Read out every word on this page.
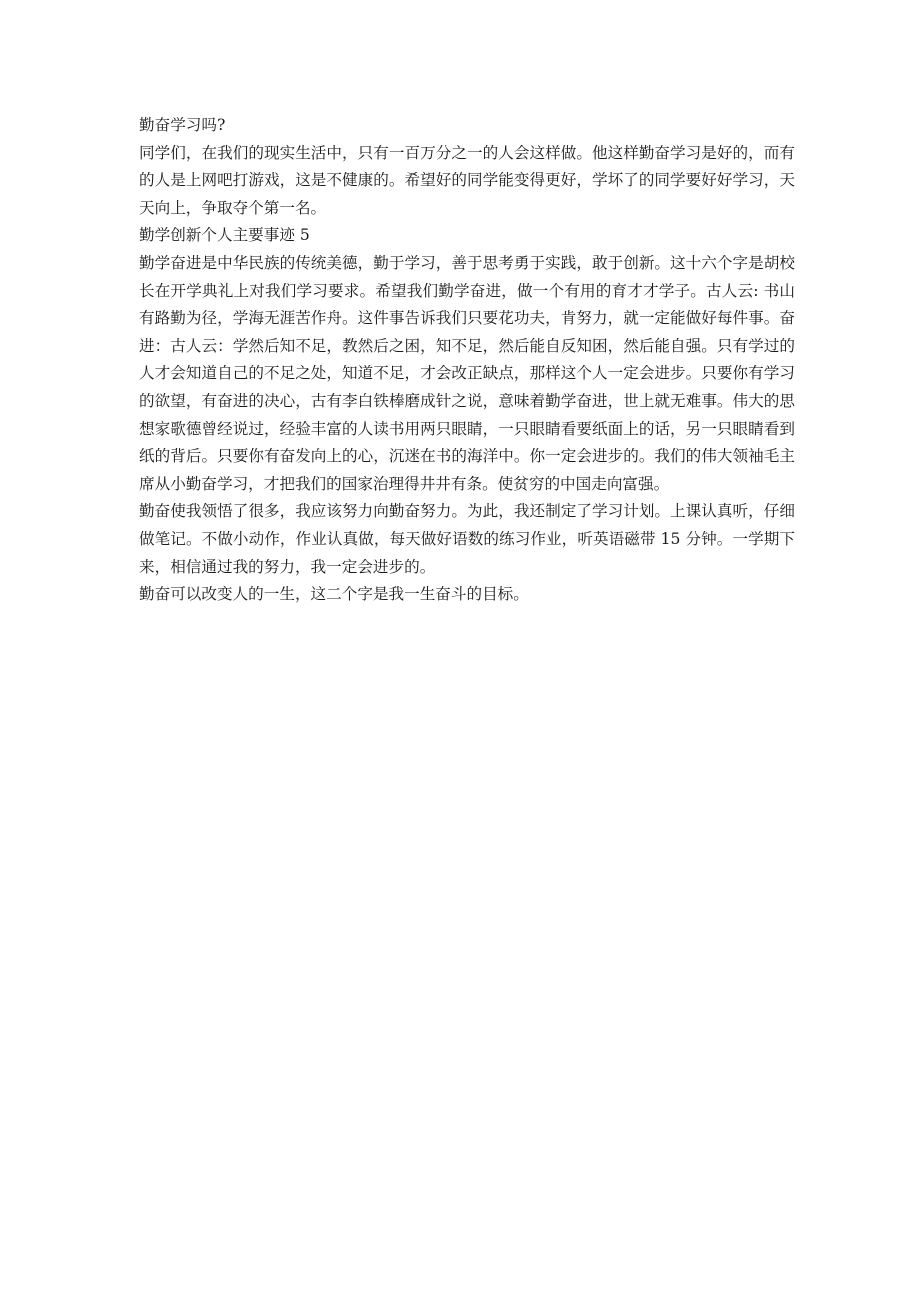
勤奋学习吗?

同学们，在我们的现实生活中，只有一百万分之一的人会这样做。他这样勤奋学习是好的，而有的人是上网吧打游戏，这是不健康的。希望好的同学能变得更好，学坏了的同学要好好学习，天天向上，争取夺个第一名。

勤学创新个人主要事迹 5

勤学奋进是中华民族的传统美德，勤于学习，善于思考勇于实践，敢于创新。这十六个字是胡校长在开学典礼上对我们学习要求。希望我们勤学奋进，做一个有用的育才才学子。古人云: 书山有路勤为径，学海无涯苦作舟。这件事告诉我们只要花功夫，肯努力，就一定能做好每件事。奋进：古人云：学然后知不足，教然后之困，知不足，然后能自反知困，然后能自强。只有学过的人才会知道自己的不足之处，知道不足，才会改正缺点，那样这个人一定会进步。只要你有学习的欲望，有奋进的决心，古有李白铁棒磨成针之说，意味着勤学奋进，世上就无难事。伟大的思想家歌德曾经说过，经验丰富的人读书用两只眼睛，一只眼睛看要纸面上的话，另一只眼睛看到纸的背后。只要你有奋发向上的心，沉迷在书的海洋中。你一定会进步的。我们的伟大领袖毛主席从小勤奋学习，才把我们的国家治理得井井有条。使贫穷的中国走向富强。

勤奋使我领悟了很多，我应该努力向勤奋努力。为此，我还制定了学习计划。上课认真听，仔细做笔记。不做小动作，作业认真做，每天做好语数的练习作业，听英语磁带 15 分钟。一学期下来，相信通过我的努力，我一定会进步的。

勤奋可以改变人的一生，这二个字是我一生奋斗的目标。
